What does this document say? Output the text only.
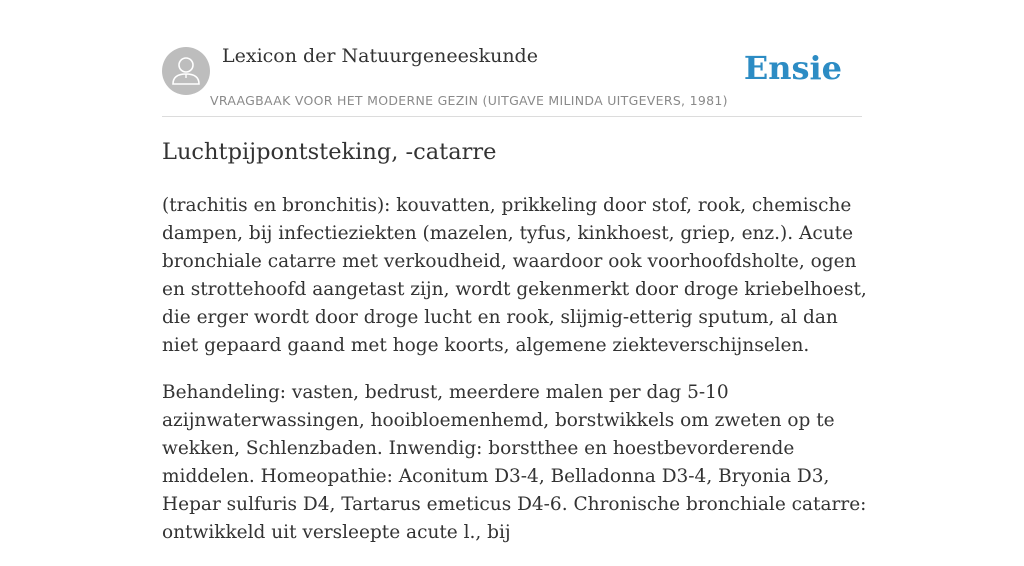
Lexicon der Natuurgeneeskunde
VRAAGBAAK VOOR HET MODERNE GEZIN (UITGAVE MILINDA UITGEVERS, 1981)
Ensie
Luchtpijpontsteking, -catarre

(trachitis en bronchitis): kouvatten, prikkeling door stof, rook, chemische dampen, bij infectieziekten (mazelen, tyfus, kinkhoest, griep, enz.). Acute bronchiale catarre met verkoudheid, waardoor ook voorhoofdsholte, ogen en strottehoofd aangetast zijn, wordt gekenmerkt door droge kriebelhoest, die erger wordt door droge lucht en rook, slijmig-etterig sputum, al dan niet gepaard gaand met hoge koorts, algemene ziekteverschijnselen.

Behandeling: vasten, bedrust, meerdere malen per dag 5-10 azijnwaterwassingen, hooibloemenhemd, borstwikkels om zweten op te wekken, Schlenzbaden. Inwendig: borstthee en hoestbevorderende middelen. Homeopathie: Aconitum D3-4, Belladonna D3-4, Bryonia D3, Hepar sulfuris D4, Tartarus emeticus D4-6. Chronische bronchiale catarre: ontwikkeld uit versleepte acute l., bij
